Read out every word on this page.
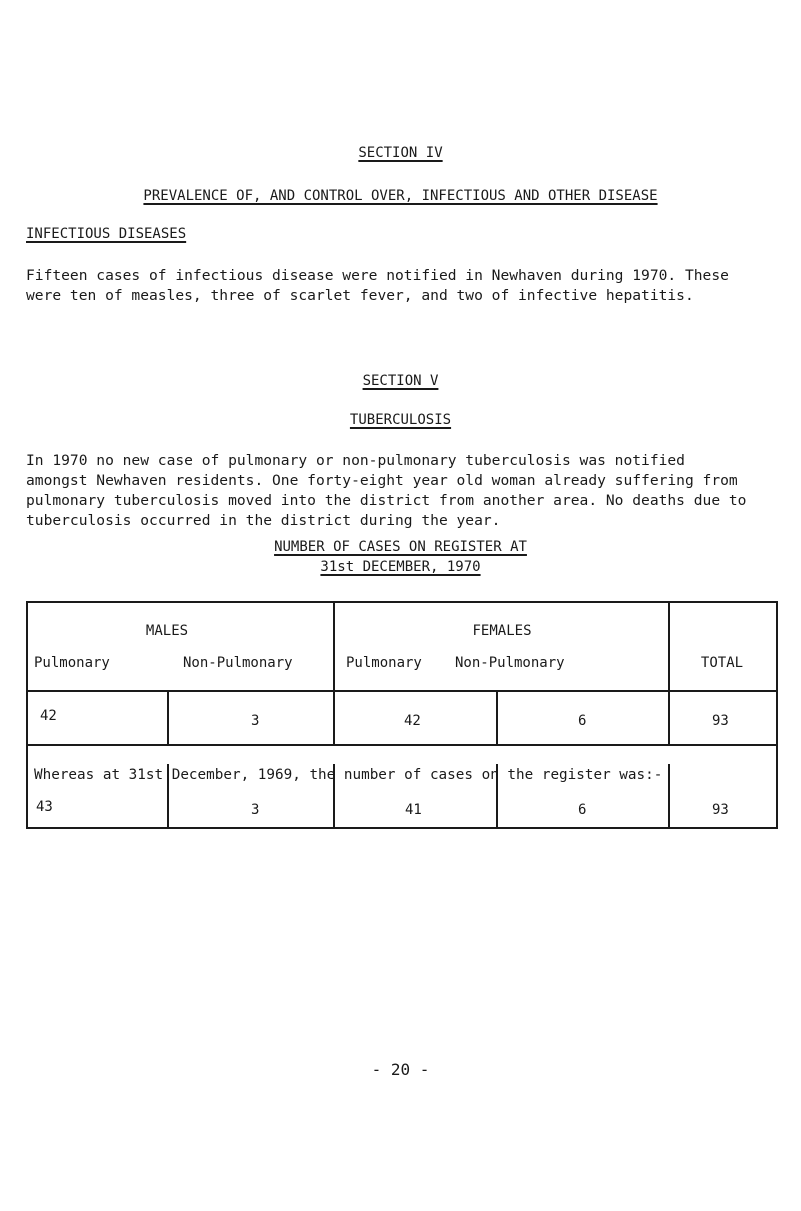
SECTION IV
PREVALENCE OF, AND CONTROL OVER, INFECTIOUS AND OTHER DISEASE
INFECTIOUS DISEASES
Fifteen cases of infectious disease were notified in Newhaven during 1970. These
were ten of measles, three of scarlet fever, and two of infective hepatitis.
SECTION V
TUBERCULOSIS
In 1970 no new case of pulmonary or non-pulmonary tuberculosis was notified
amongst Newhaven residents. One forty-eight year old woman already suffering from
pulmonary tuberculosis moved into the district from another area. No deaths due to
tuberculosis occurred in the district during the year.
NUMBER OF CASES ON REGISTER AT
31st DECEMBER, 1970
MALES	FEMALES
Pulmonary	Non-Pulmonary	Pulmonary Non-Pulmonary	TOTAL
42	3	42	6	93
Whereas at 31st December, 1969, the number of cases on the register was:-
43	3	41	6	93
- 20 -
